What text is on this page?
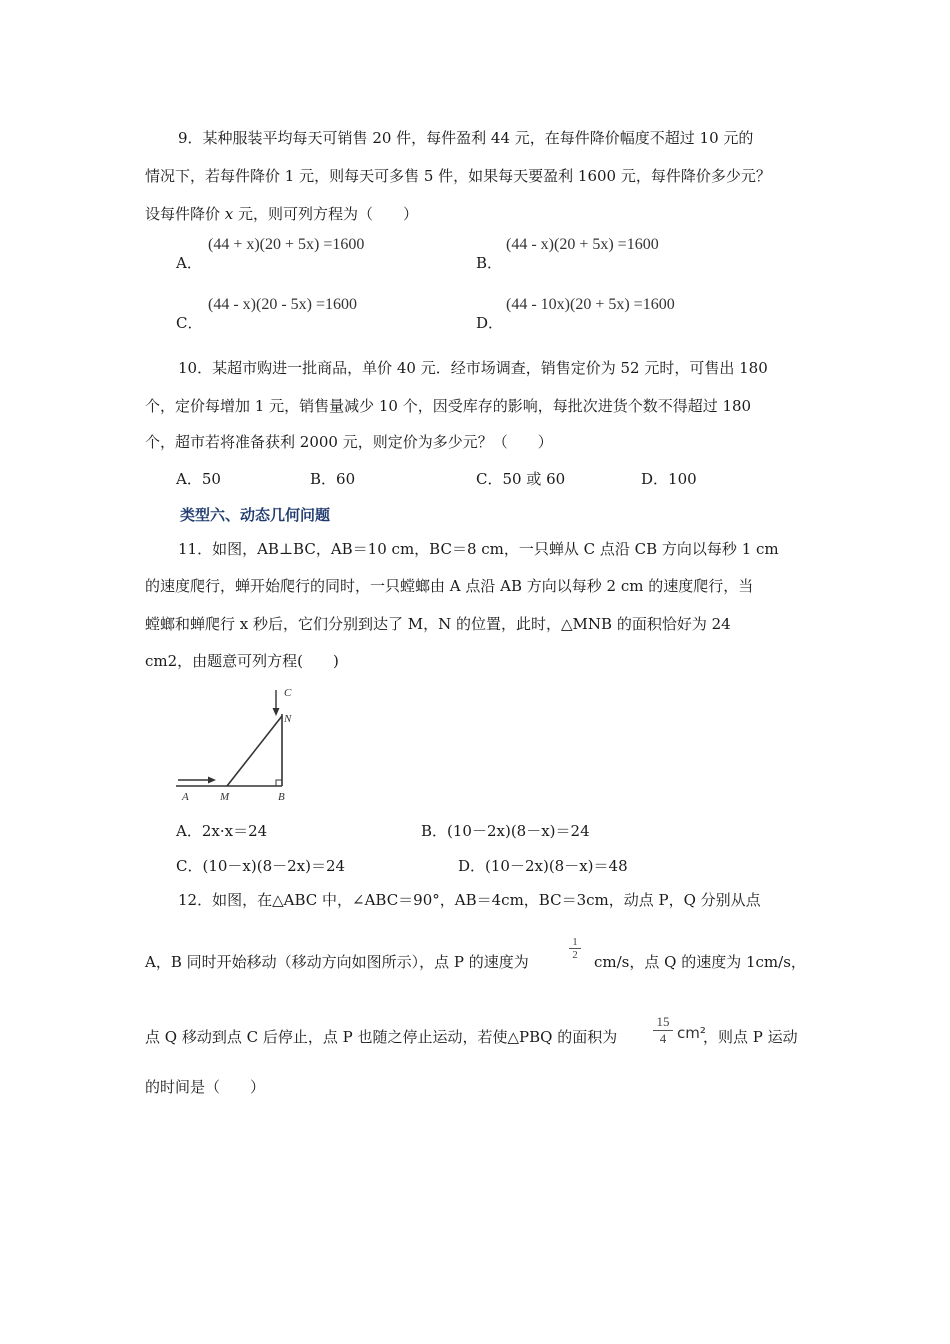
9．某种服装平均每天可销售 20 件，每件盈利 44 元，在每件降价幅度不超过 10 元的
情况下，若每件降价 1 元，则每天可多售 5 件，如果每天要盈利 1600 元，每件降价多少元？
设每件降价 x 元，则可列方程为（　　）
A．
(44 + x)(20 + 5x) =1600
B．
(44 - x)(20 + 5x) =1600
C．
(44 - x)(20 - 5x) =1600
D．
(44 - 10x)(20 + 5x) =1600
10．某超市购进一批商品，单价 40 元．经市场调查，销售定价为 52 元时，可售出 180
个，定价每增加 1 元，销售量减少 10 个，因受库存的影响，每批次进货个数不得超过 180
个，超市若将准备获利 2000 元，则定价为多少元？（　　）
A．50	B．60	C．50 或 60	D．100
类型六、动态几何问题
11．如图，AB⊥BC，AB＝10 cm，BC＝8 cm，一只蝉从 C 点沿 CB 方向以每秒 1 cm
的速度爬行，蝉开始爬行的同时，一只螳螂由 A 点沿 AB 方向以每秒 2 cm 的速度爬行，当
螳螂和蝉爬行 x 秒后，它们分别到达了 M，N 的位置，此时，△MNB 的面积恰好为 24
cm2，由题意可列方程(　　)
A	M	B
C
N
A．2x·x＝24	B．(10－2x)(8－x)＝24
C．(10－x)(8－2x)＝24	D．(10－2x)(8－x)＝48
12．如图，在△ABC 中，∠ABC＝90°，AB＝4cm，BC＝3cm，动点 P，Q 分别从点
A，B 同时开始移动（移动方向如图所示），点 P 的速度为
1
2 cm/s，点 Q 的速度为 1cm/s，
点 Q 移动到点 C 后停止，点 P 也随之停止运动，若使△PBQ 的面积为
15
4 cm²
，则点 P 运动
的时间是（　　）
